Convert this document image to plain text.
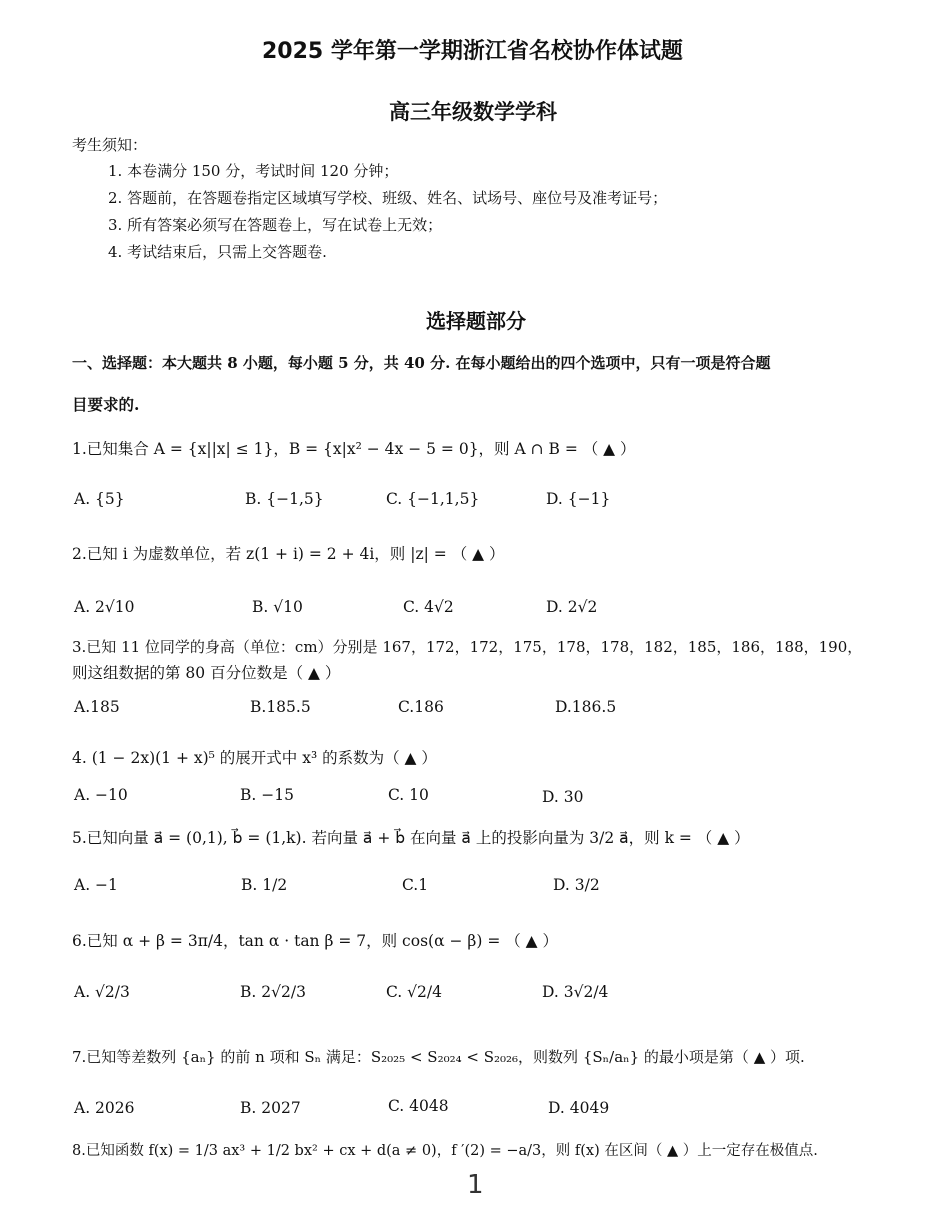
2025 学年第一学期浙江省名校协作体试题
高三年级数学学科
考生须知：
1. 本卷满分 150 分，考试时间 120 分钟；
2. 答题前，在答题卷指定区域填写学校、班级、姓名、试场号、座位号及准考证号；
3. 所有答案必须写在答题卷上，写在试卷上无效；
4. 考试结束后，只需上交答题卷.
选择题部分
一、选择题：本大题共 8 小题，每小题 5 分，共 40 分. 在每小题给出的四个选项中，只有一项是符合题
目要求的.
1.已知集合 A = {x||x| ≤ 1}，B = {x|x² − 4x − 5 = 0}，则 A ∩ B = （ ▲ ）
A. {5}	B. {−1,5}	C. {−1,1,5}	D. {−1}
2.已知 i 为虚数单位，若 z(1 + i) = 2 + 4i，则 |z| = （ ▲ ）
A. 2√10	B. √10	C. 4√2	D. 2√2
3.已知 11 位同学的身高（单位：cm）分别是 167，172，172，175，178，178，182，185，186，188，190，
则这组数据的第 80 百分位数是（ ▲ ）
A.185	B.185.5	C.186	D.186.5
4. (1 − 2x)(1 + x)⁵ 的展开式中 x³ 的系数为（ ▲ ）
A. −10	B. −15	C. 10	D. 30
5.已知向量 a⃗ = (0,1), b⃗ = (1,k). 若向量 a⃗ + b⃗ 在向量 a⃗ 上的投影向量为 3/2 a⃗，则 k = （ ▲ ）
A. −1	B. 1/2	C.1	D. 3/2
6.已知 α + β = 3π/4，tan α · tan β = 7，则 cos(α − β) = （ ▲ ）
A. √2/3	B. 2√2/3	C. √2/4	D. 3√2/4
7.已知等差数列 {aₙ} 的前 n 项和 Sₙ 满足：S₂₀₂₅ < S₂₀₂₄ < S₂₀₂₆，则数列 {Sₙ/aₙ} 的最小项是第（ ▲ ）项.
A. 2026	B. 2027	C. 4048	D. 4049
8.已知函数 f(x) = 1/3 ax³ + 1/2 bx² + cx + d(a ≠ 0)，f ′(2) = −a/3，则 f(x) 在区间（ ▲ ）上一定存在极值点.
1
